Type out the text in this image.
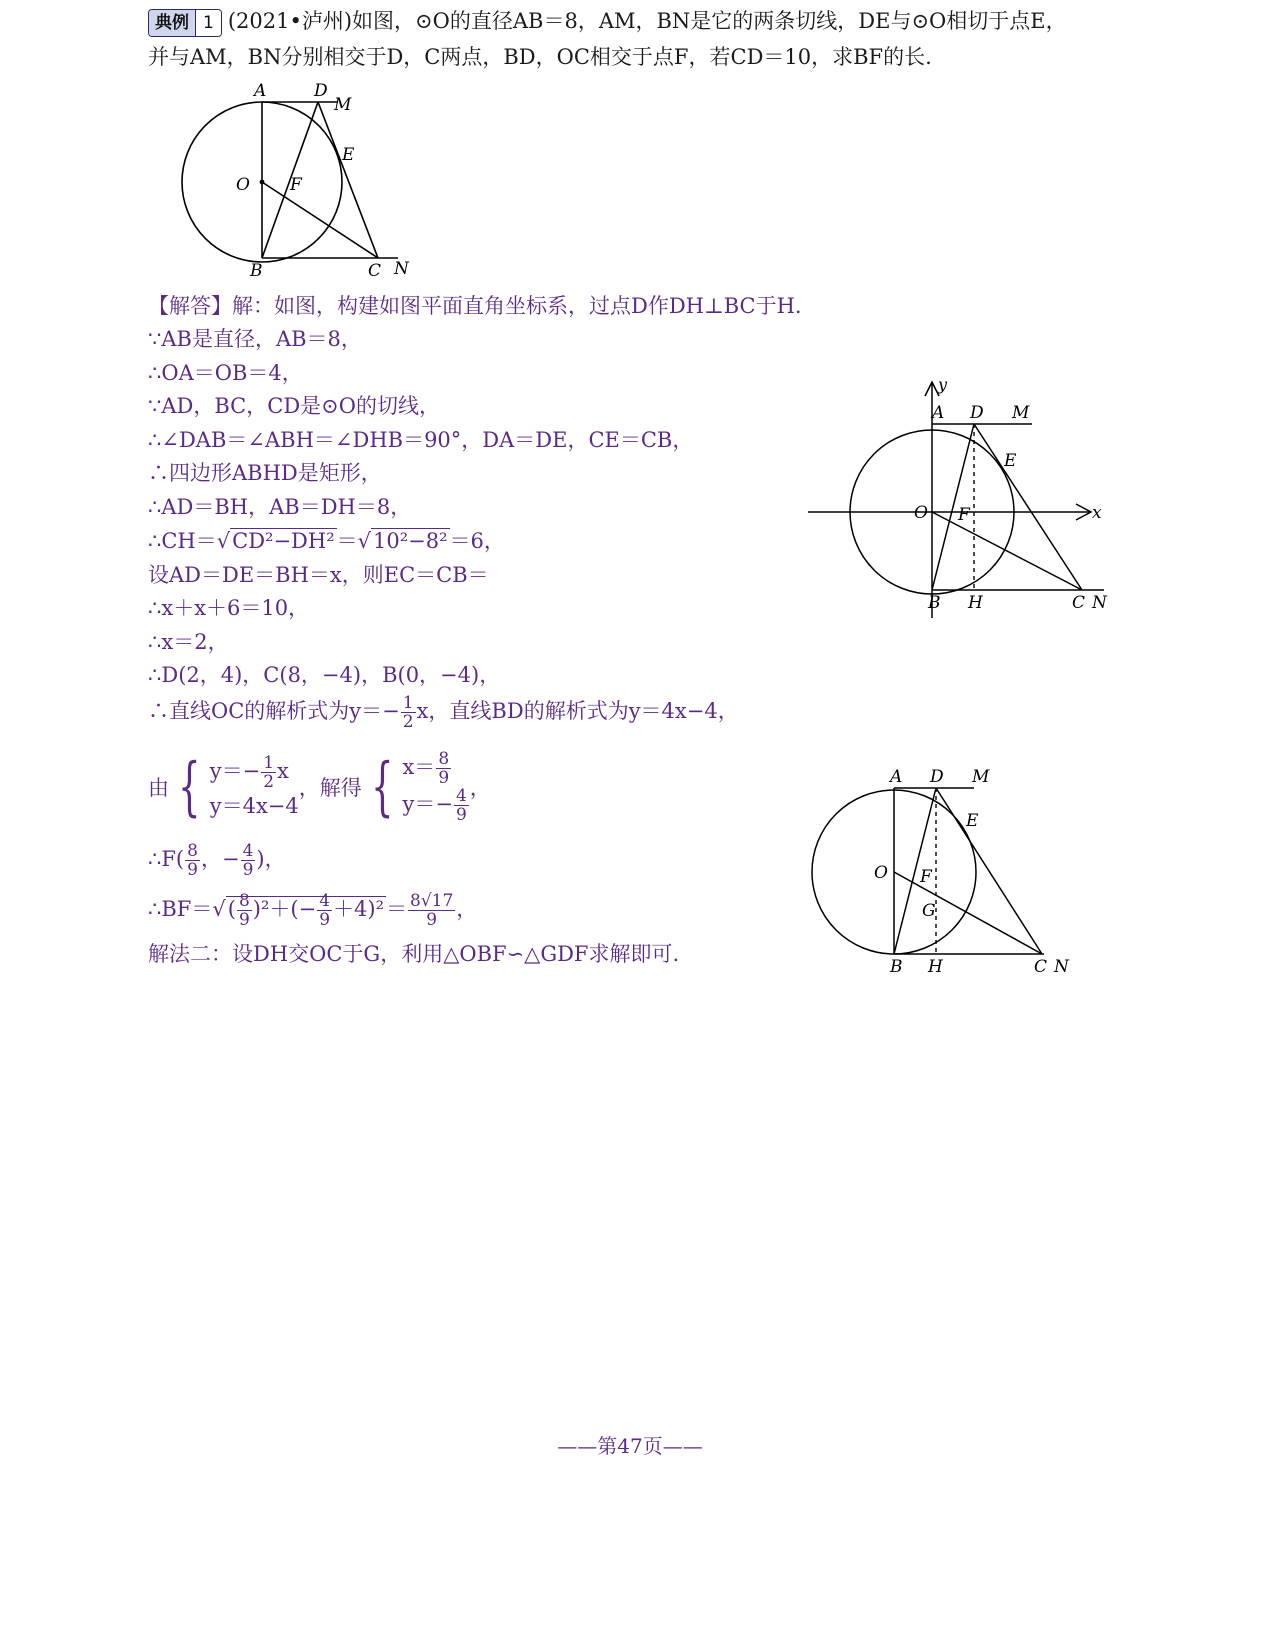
典例 1 (2021•泸州)如图，⊙O的直径AB＝8，AM，BN是它的两条切线，DE与⊙O相切于点E，
并与AM，BN分别相交于D，C两点，BD，OC相交于点F，若CD＝10，求BF的长.
A	D
M
E
O F
B	C N
【解答】解：如图，构建如图平面直角坐标系，过点D作DH⊥BC于H.
∵AB是直径，AB＝8，
∴OA＝OB＝4，
∵AD，BC，CD是⊙O的切线，
∴∠DAB＝∠ABH＝∠DHB＝90°，DA＝DE，CE＝CB，
∴四边形ABHD是矩形，
∴AD＝BH，AB＝DH＝8，
∴CH＝√CD²−DH²＝√10²−8²＝6，
设AD＝DE＝BH＝x，则EC＝CB＝
∴x＋x＋6＝10，
∴x＝2，
∴D(2，4)，C(8，−4)，B(0，−4)，
∴直线OC的解析式为$y=- \frac{1}{2}$ x，直线BD的解析式为y＝4x−4，
由 { $y=- \frac{1}{2}$ x
y＝4x−4
，解得 { $x= \frac{8}{9}$
$y=- \frac{4}{9}$ ，
∴F( $\frac{8}{9}$ ，− $\frac{4}{9}$ )，
∴BF＝√( $\frac{8}{9} )^2+(- \frac{4}{9} +4)^2= \frac{8√17}{9}$ ，
解法二：设DH交OC于G，利用△OBF∽△GDF求解即可.
y
x
A D M
E
O F
B H	C N
A D M
E
O F
G
B H	C N
——第47页——
